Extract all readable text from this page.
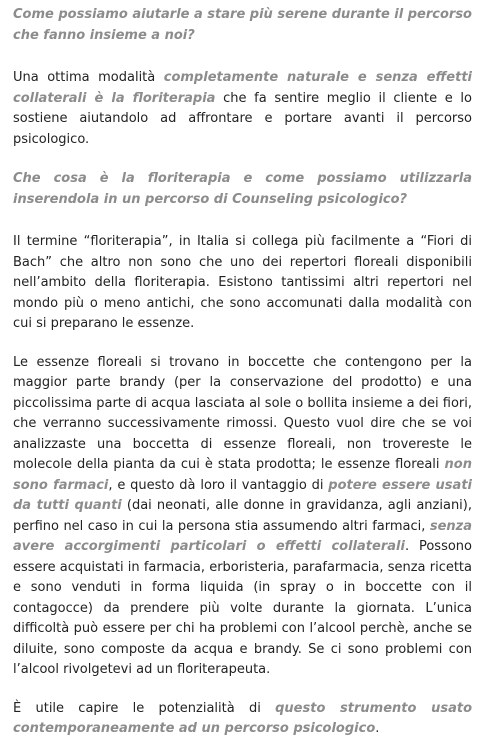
Come possiamo aiutarle a stare più serene durante il percorso che fanno insieme a noi?

Una ottima modalità completamente naturale e senza effetti collaterali è la floriterapia che fa sentire meglio il cliente e lo sostiene aiutandolo ad affrontare e portare avanti il percorso psicologico.

Che cosa è la floriterapia e come possiamo utilizzarla inserendola in un percorso di Counseling psicologico?

Il termine “floriterapia”, in Italia si collega più facilmente a “Fiori di Bach” che altro non sono che uno dei repertori floreali disponibili nell’ambito della floriterapia. Esistono tantissimi altri repertori nel mondo più o meno antichi, che sono accomunati dalla modalità con cui si preparano le essenze.

Le essenze floreali si trovano in boccette che contengono per la maggior parte brandy (per la conservazione del prodotto) e una piccolissima parte di acqua lasciata al sole o bollita insieme a dei fiori, che verranno successivamente rimossi. Questo vuol dire che se voi analizzaste una boccetta di essenze floreali, non trovereste le molecole della pianta da cui è stata prodotta; le essenze floreali non sono farmaci, e questo dà loro il vantaggio di potere essere usati da tutti quanti (dai neonati, alle donne in gravidanza, agli anziani), perfino nel caso in cui la persona stia assumendo altri farmaci, senza avere accorgimenti particolari o effetti collaterali. Possono essere acquistati in farmacia, erboristeria, parafarmacia, senza ricetta e sono venduti in forma liquida (in spray o in boccette con il contagocce) da prendere più volte durante la giornata. L’unica difficoltà può essere per chi ha problemi con l’alcool perchè, anche se diluite, sono composte da acqua e brandy. Se ci sono problemi con l’alcool rivolgetevi ad un floriterapeuta.

È utile capire le potenzialità di questo strumento usato contemporaneamente ad un percorso psicologico.
